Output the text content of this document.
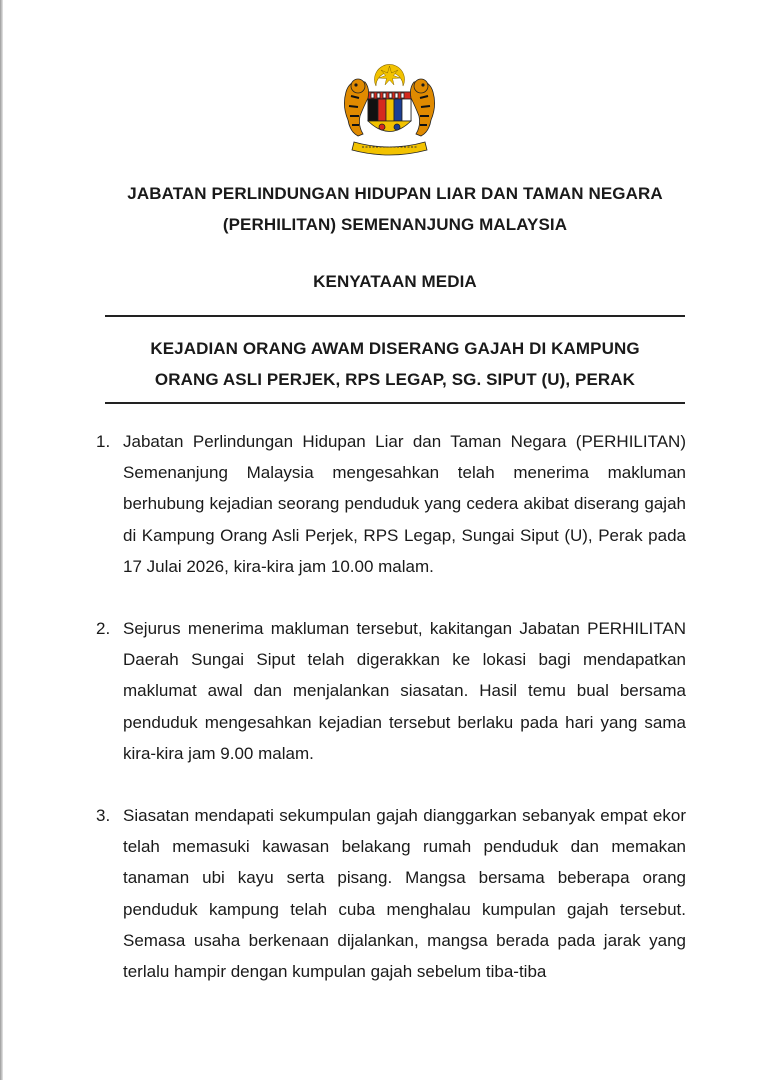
JABATAN PERLINDUNGAN HIDUPAN LIAR DAN TAMAN NEGARA
(PERHILITAN) SEMENANJUNG MALAYSIA
KENYATAAN MEDIA
KEJADIAN ORANG AWAM DISERANG GAJAH DI KAMPUNG
ORANG ASLI PERJEK, RPS LEGAP, SG. SIPUT (U), PERAK
1. Jabatan Perlindungan Hidupan Liar dan Taman Negara (PERHILITAN) Semenanjung Malaysia mengesahkan telah menerima makluman berhubung kejadian seorang penduduk yang cedera akibat diserang gajah di Kampung Orang Asli Perjek, RPS Legap, Sungai Siput (U), Perak pada 17 Julai 2026, kira-kira jam 10.00 malam.
2. Sejurus menerima makluman tersebut, kakitangan Jabatan PERHILITAN Daerah Sungai Siput telah digerakkan ke lokasi bagi mendapatkan maklumat awal dan menjalankan siasatan. Hasil temu bual bersama penduduk mengesahkan kejadian tersebut berlaku pada hari yang sama kira-kira jam 9.00 malam.
3. Siasatan mendapati sekumpulan gajah dianggarkan sebanyak empat ekor telah memasuki kawasan belakang rumah penduduk dan memakan tanaman ubi kayu serta pisang. Mangsa bersama beberapa orang penduduk kampung telah cuba menghalau kumpulan gajah tersebut. Semasa usaha berkenaan dijalankan, mangsa berada pada jarak yang terlalu hampir dengan kumpulan gajah sebelum tiba-tiba
